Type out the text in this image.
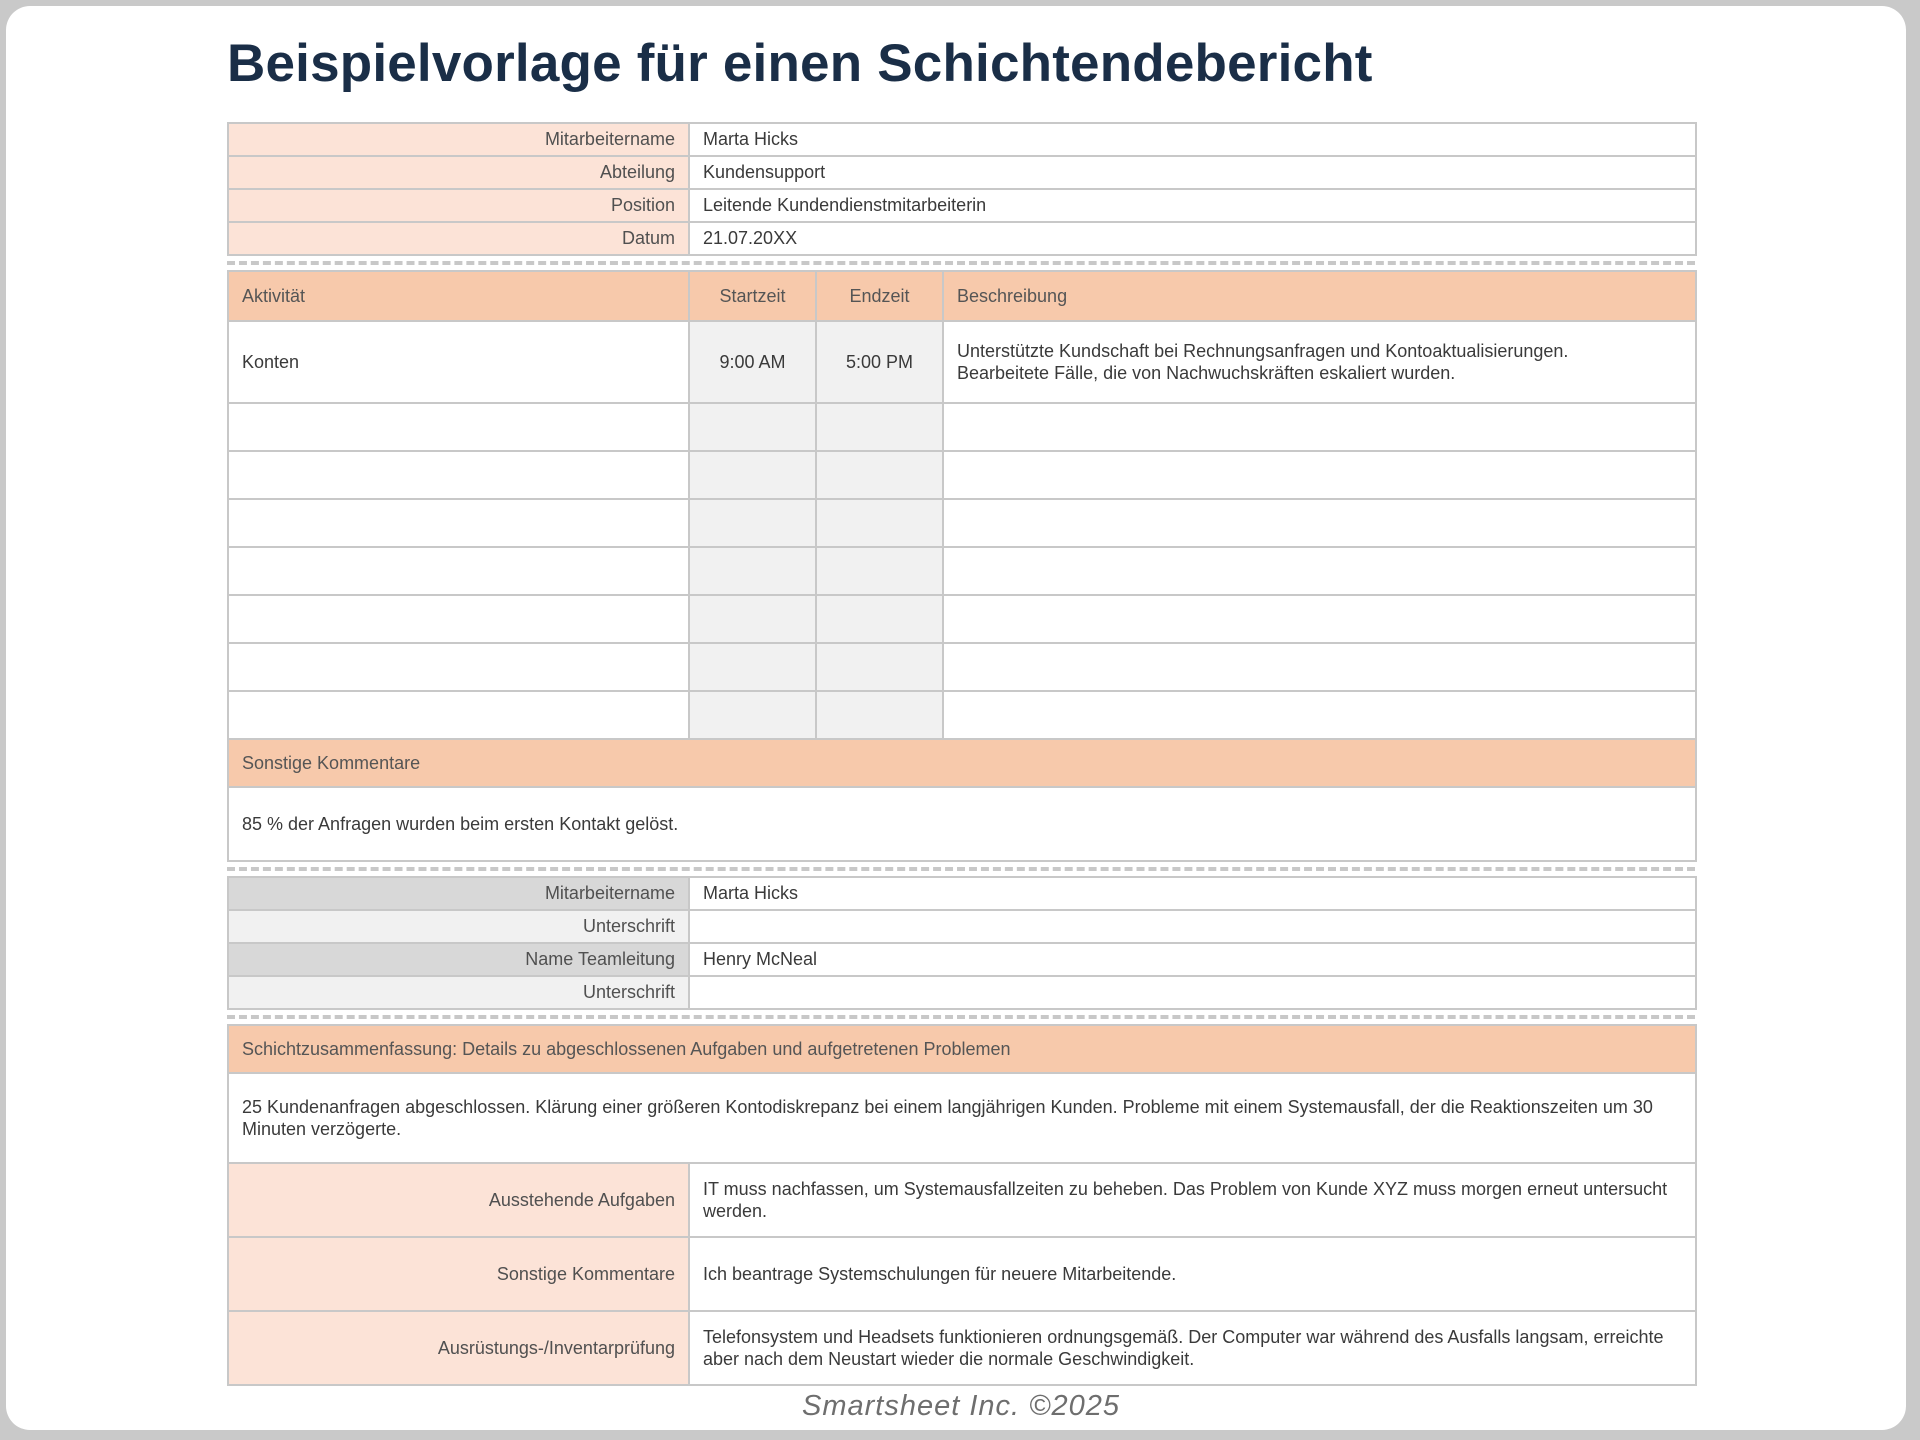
Beispielvorlage für einen Schichtendebericht
Mitarbeitername	Marta Hicks
Abteilung	Kundensupport
Position	Leitende Kundendienstmitarbeiterin
Datum	21.07.20XX
Aktivität	Startzeit	Endzeit	Beschreibung
Konten	9:00 AM	5:00 PM	Unterstützte Kundschaft bei Rechnungsanfragen und Kontoaktualisierungen.
Bearbeitete Fälle, die von Nachwuchskräften eskaliert wurden.

Sonstige Kommentare			
85 % der Anfragen wurden beim ersten Kontakt gelöst.			
Mitarbeitername	Marta Hicks
Unterschrift	
Name Teamleitung	Henry McNeal
Unterschrift	
Schichtzusammenfassung: Details zu abgeschlossenen Aufgaben und aufgetretenen Problemen	
25 Kundenanfragen abgeschlossen. Klärung einer größeren Kontodiskrepanz bei einem langjährigen Kunden. Probleme mit einem Systemausfall, der die Reaktionszeiten um 30 Minuten verzögerte.	
Ausstehende Aufgaben	IT muss nachfassen, um Systemausfallzeiten zu beheben. Das Problem von Kunde XYZ muss morgen erneut untersucht werden.
Sonstige Kommentare	Ich beantrage Systemschulungen für neuere Mitarbeitende.
Ausrüstungs-/Inventarprüfung	Telefonsystem und Headsets funktionieren ordnungsgemäß. Der Computer war während des Ausfalls langsam, erreichte aber nach dem Neustart wieder die normale Geschwindigkeit.
Smartsheet Inc. ©2025
